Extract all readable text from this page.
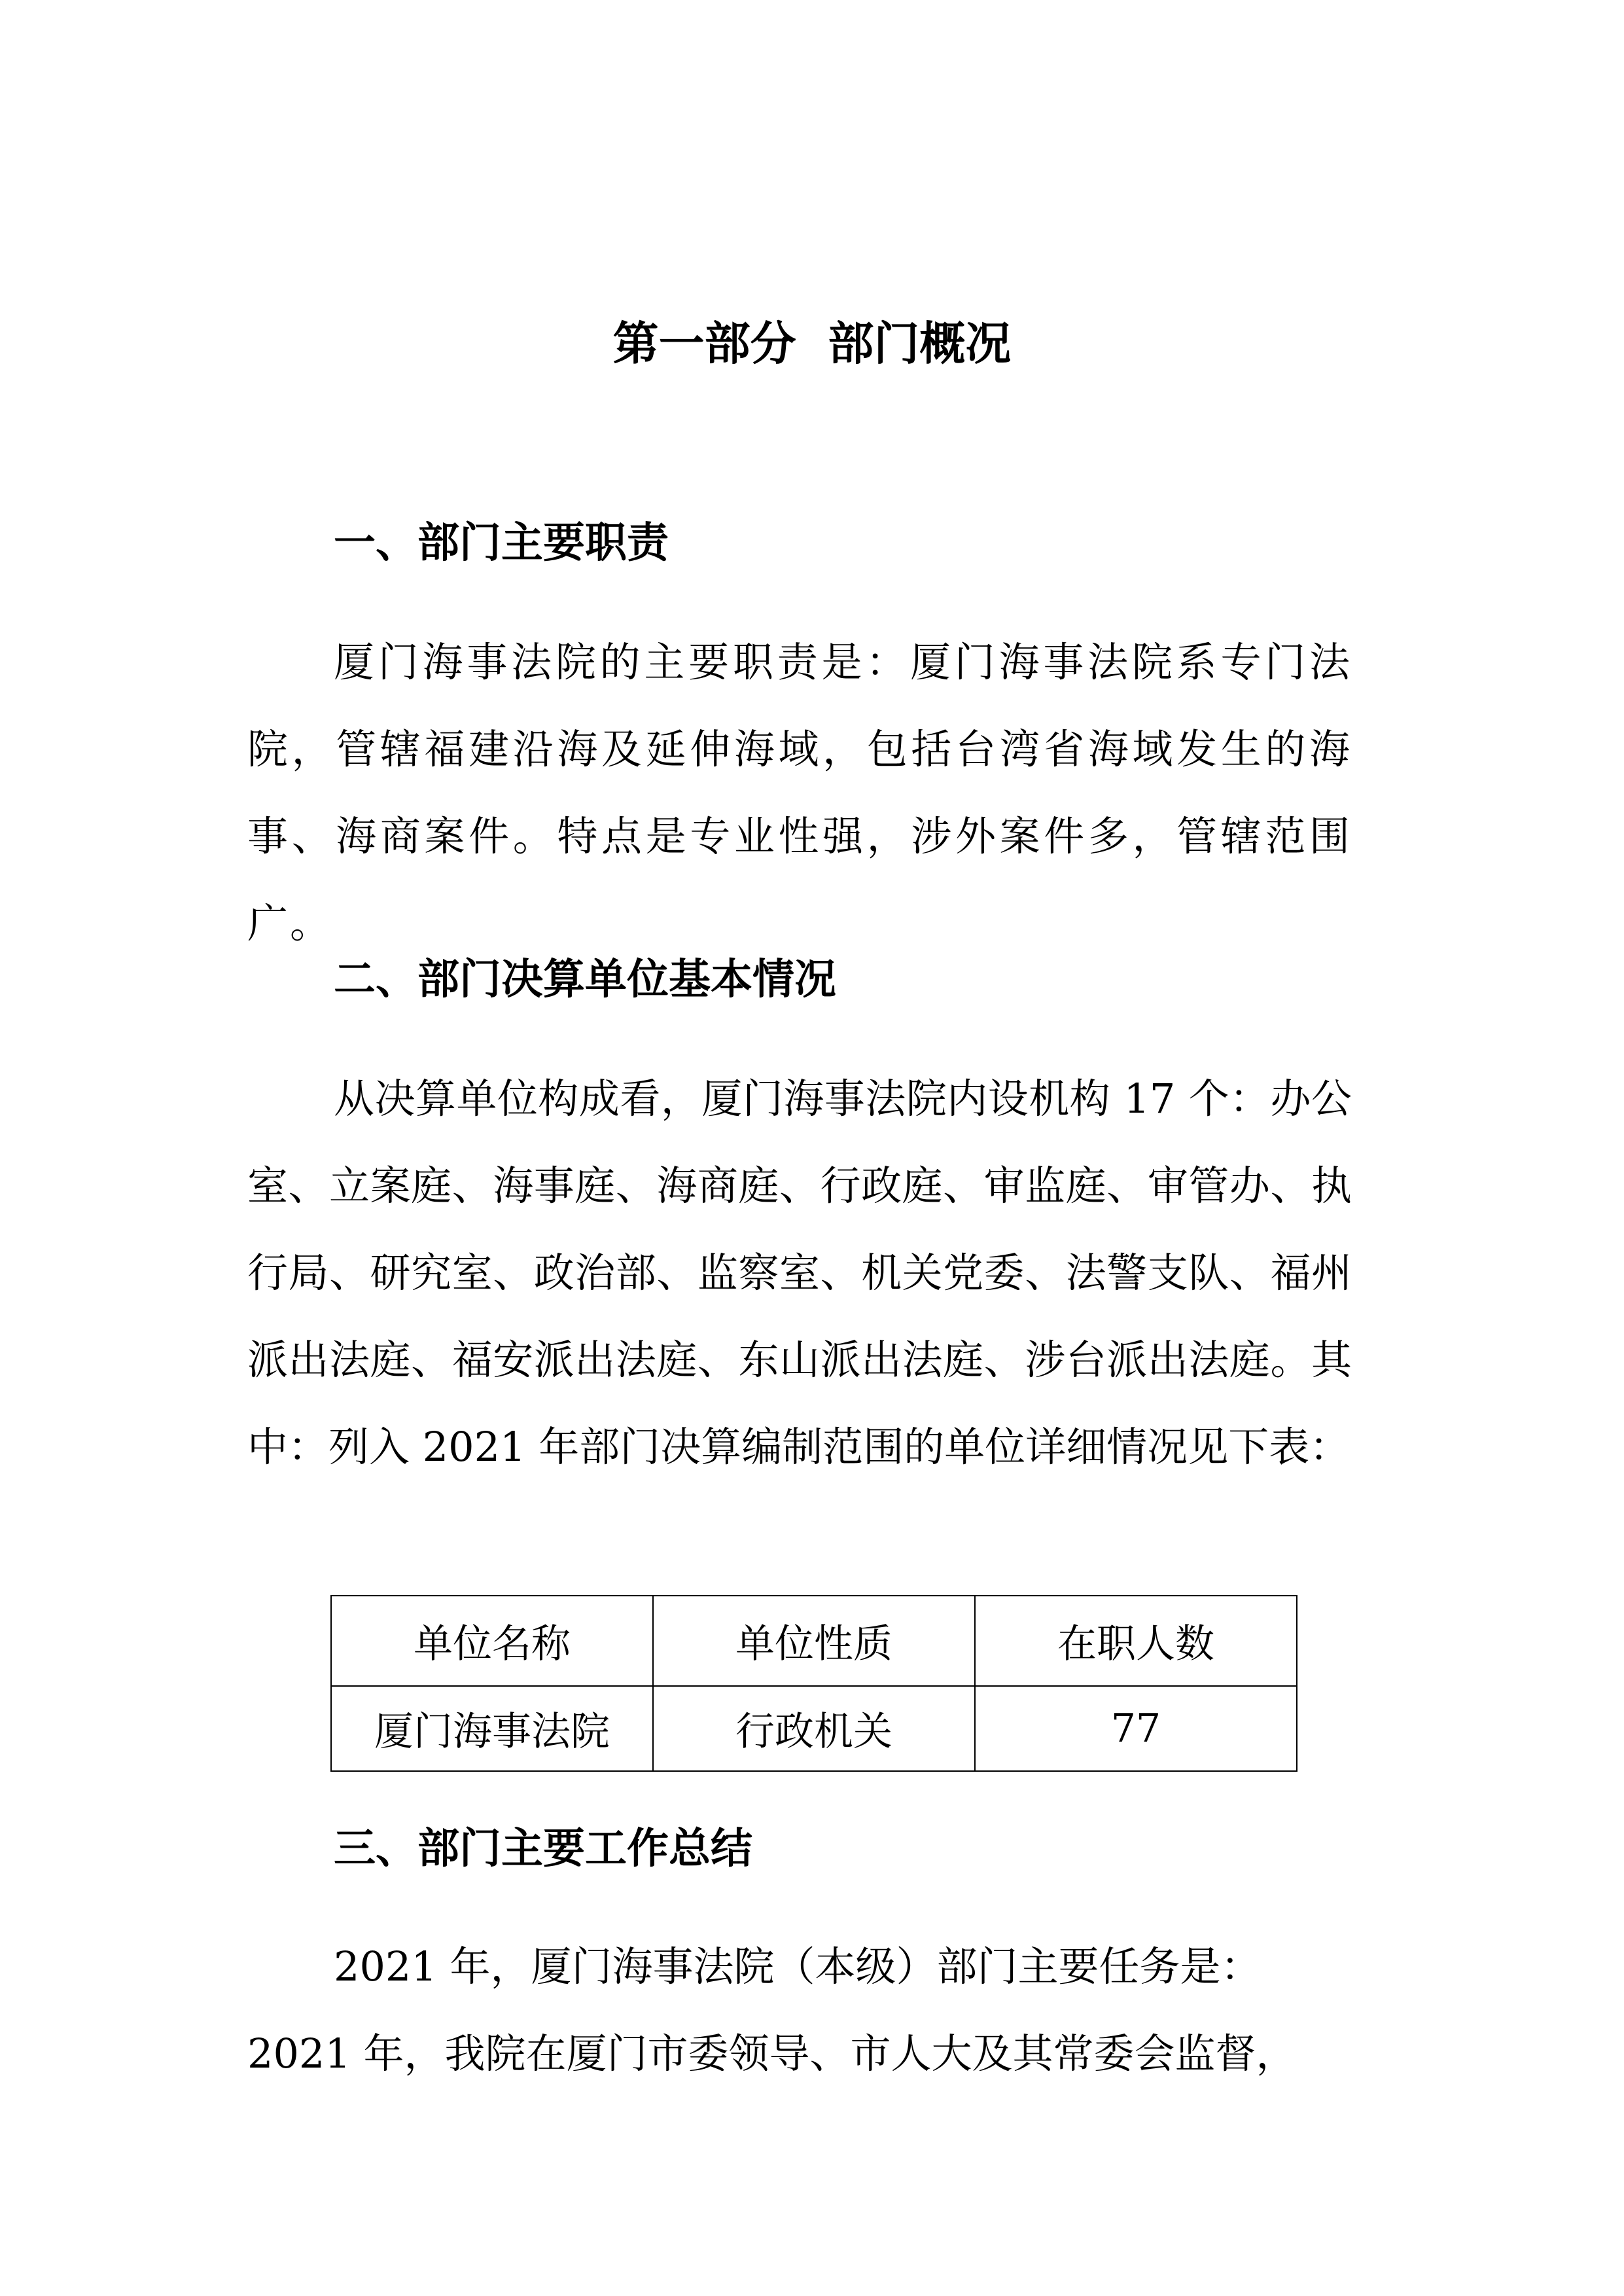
第一部分  部门概况
一、部门主要职责

厦门海事法院的主要职责是：厦门海事法院系专门法院，管辖福建沿海及延伸海域，包括台湾省海域发生的海事、海商案件。特点是专业性强，涉外案件多，管辖范围广。

二、部门决算单位基本情况

从决算单位构成看，厦门海事法院内设机构 17 个：办公室、立案庭、海事庭、海商庭、行政庭、审监庭、审管办、执行局、研究室、政治部、监察室、机关党委、法警支队、福州派出法庭、福安派出法庭、东山派出法庭、涉台派出法庭。其中：列入 2021 年部门决算编制范围的单位详细情况见下表：

单位名称	单位性质	在职人数
厦门海事法院	行政机关	77
三、部门主要工作总结

2021 年，厦门海事法院（本级）部门主要任务是：

2021 年，我院在厦门市委领导、市人大及其常委会监督，
